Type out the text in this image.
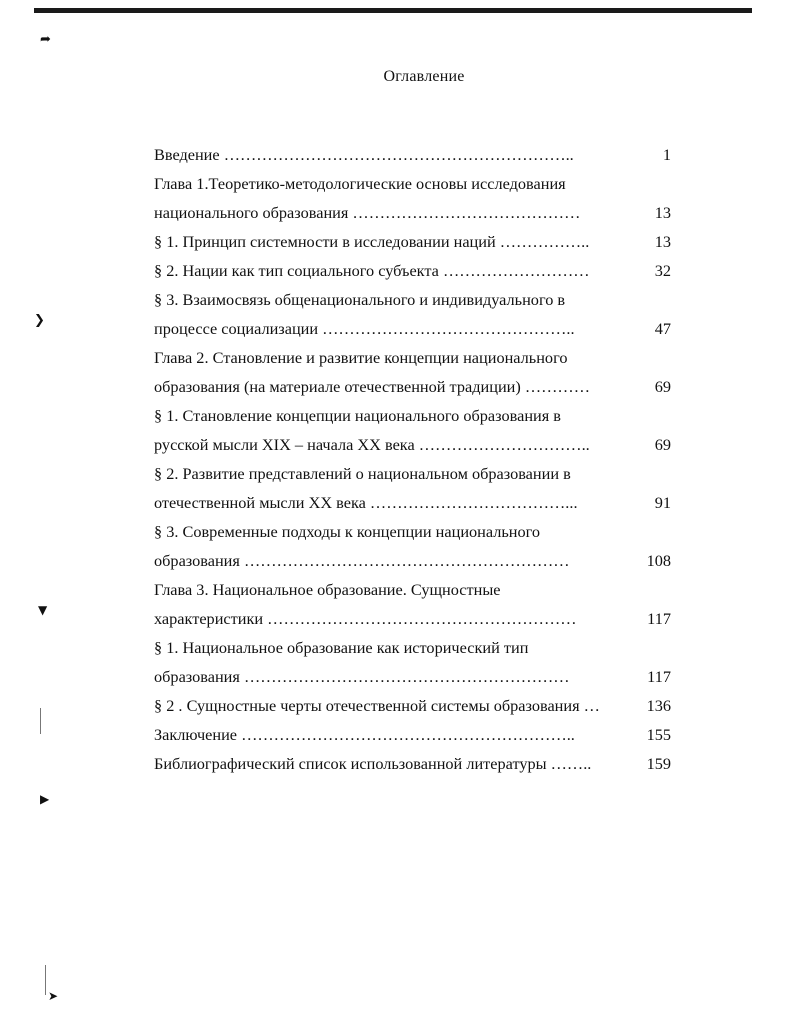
➦
❯
▼
▶
➤
Оглавление
Введение ………………………………………………………..	1
Глава 1.Теоретико-методологические основы исследования
национального образования ……………………………………	13
§ 1. Принцип системности в исследовании наций ……………..	13
§ 2. Нации как тип социального субъекта ………………………	32
§ 3. Взаимосвязь общенационального и индивидуального в
процессе социализации ………………………………………..	47
Глава 2. Становление и развитие концепции национального
образования (на материале отечественной традиции) …………	69
§ 1. Становление концепции национального образования в
русской мысли XIX – начала XX века …………………………..	69
§ 2. Развитие представлений о национальном образовании в
отечественной мысли XX века ………………………………...	91
§ 3. Современные подходы к концепции национального
образования ……………………………………………………	108
Глава 3. Национальное образование. Сущностные
характеристики …………………………………………………	117
§ 1. Национальное образование как исторический тип
образования ……………………………………………………	117
§ 2 . Сущностные черты отечественной системы образования …	136
Заключение ……………………………………………………..	155
Библиографический список использованной литературы ……..	159
